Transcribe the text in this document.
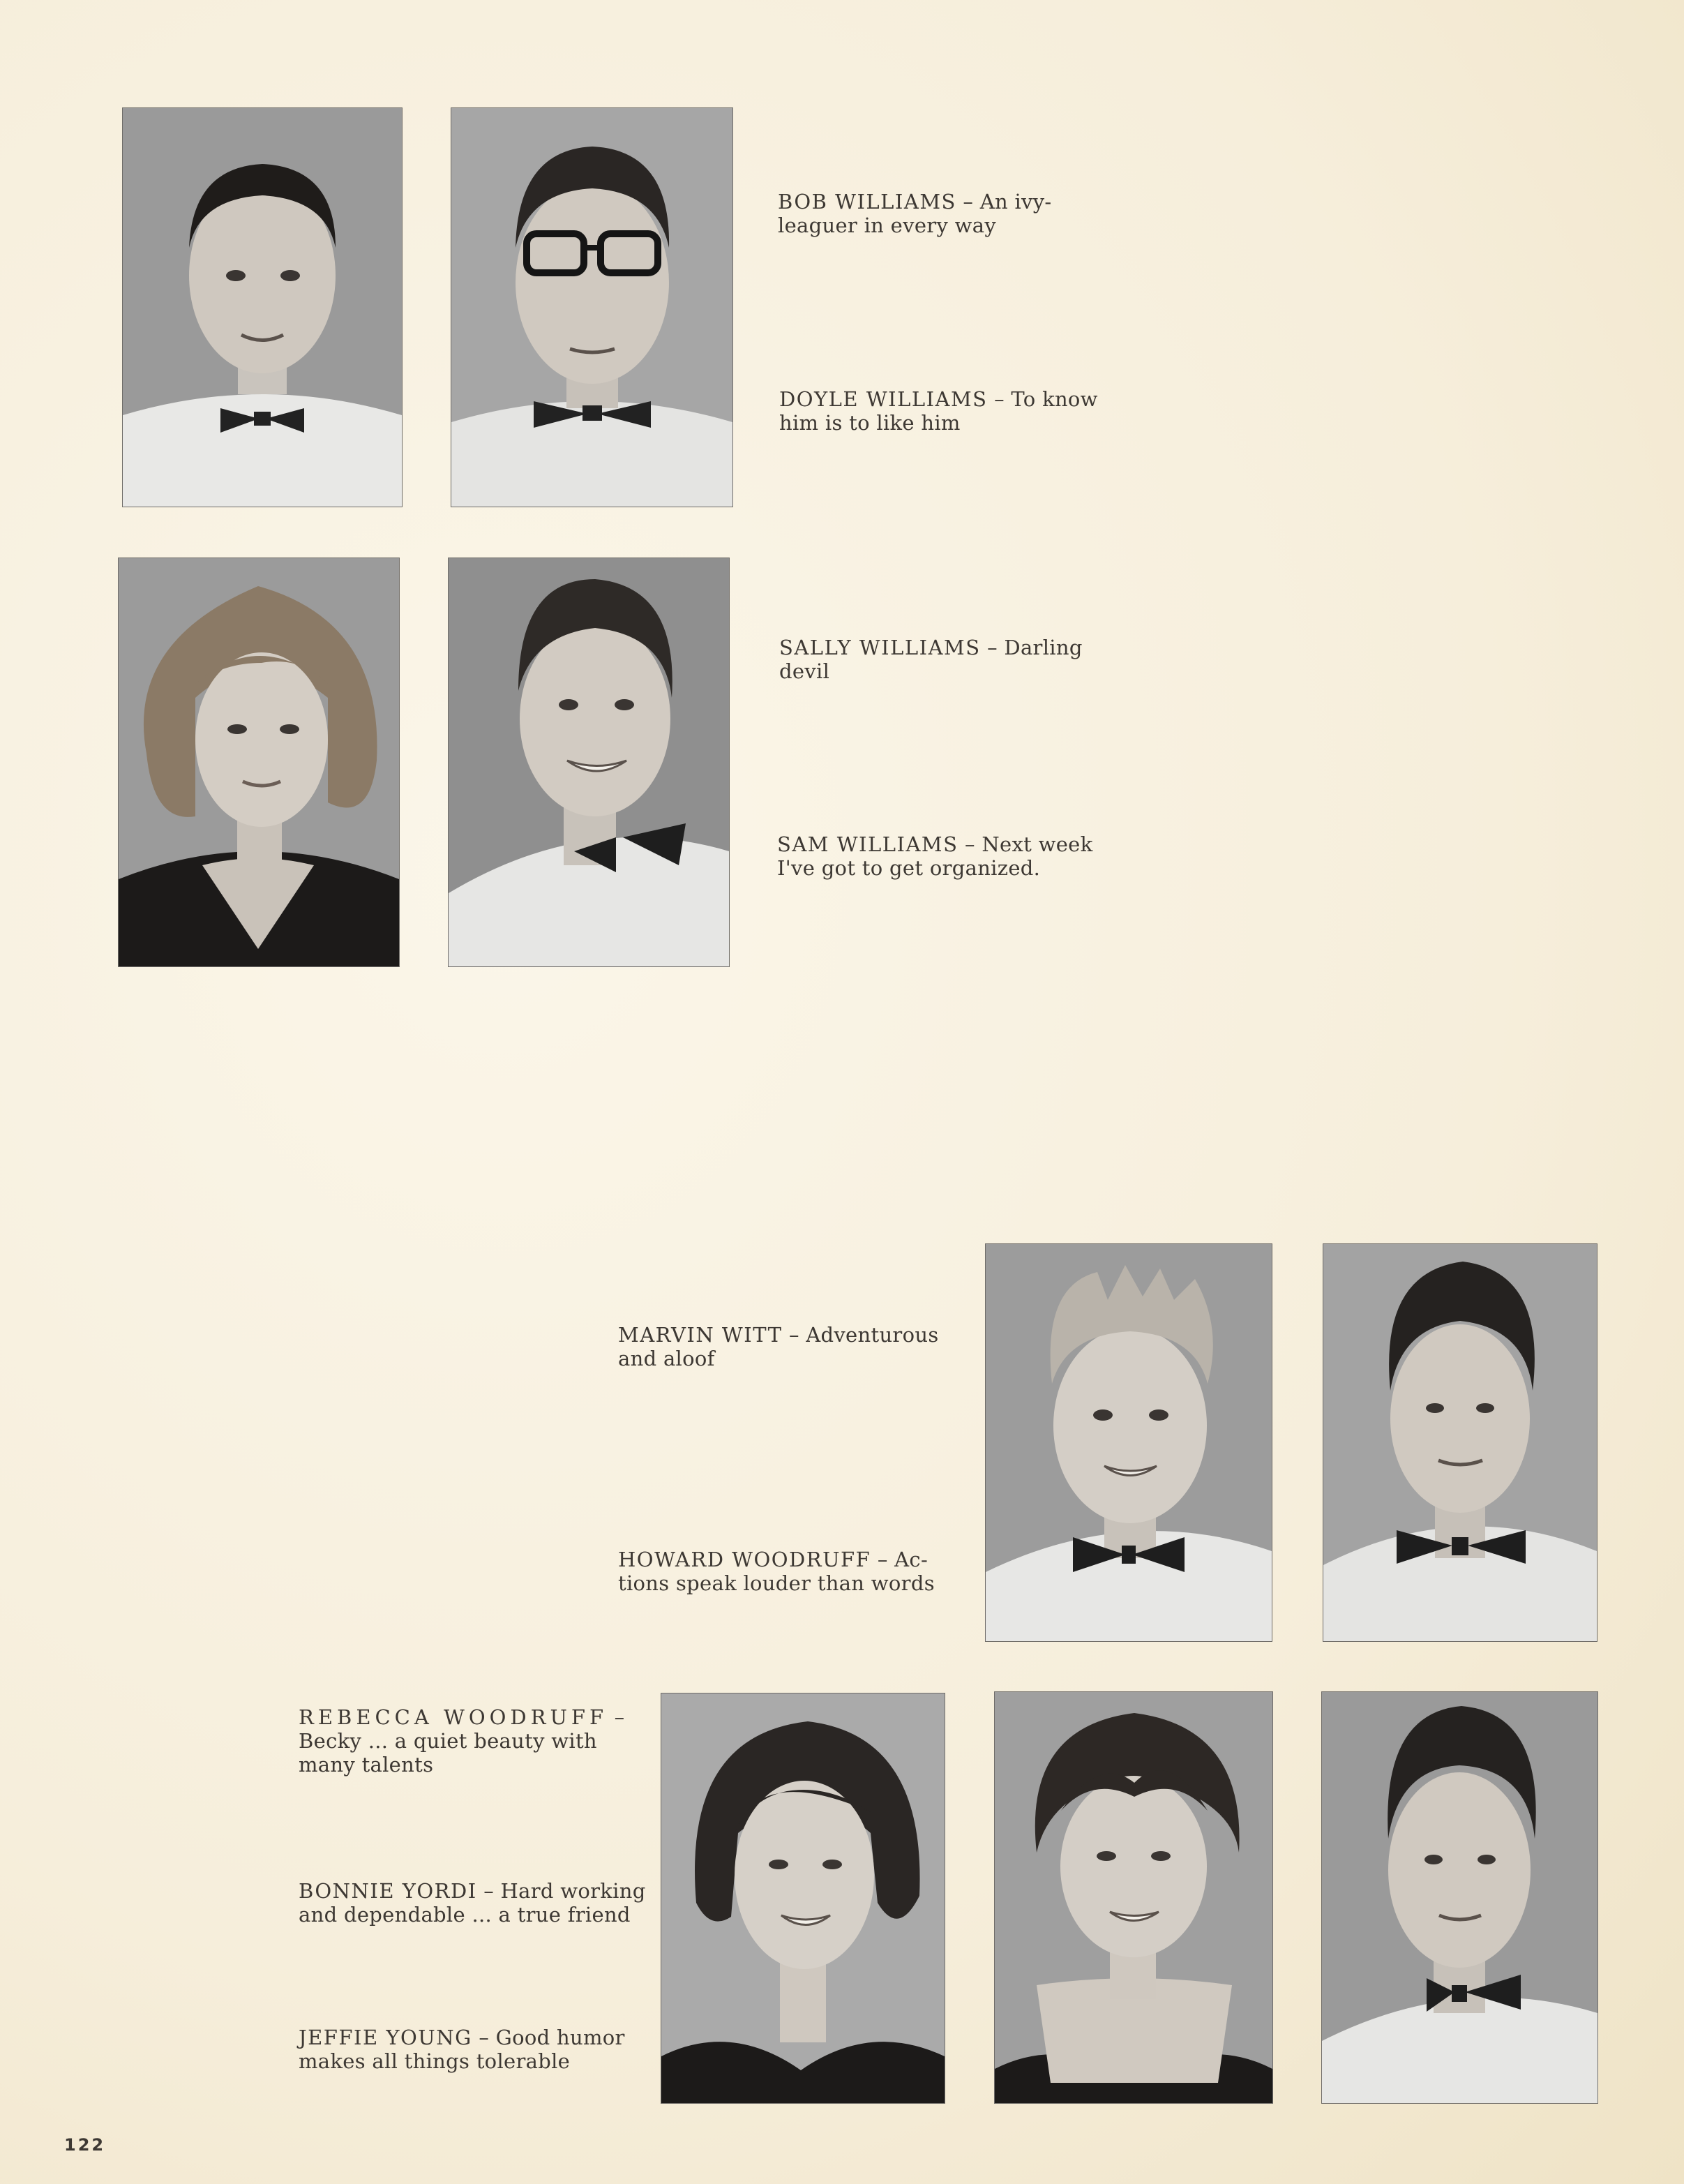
BOB WILLIAMS – An ivy-
leaguer in every way
DOYLE WILLIAMS – To know
him is to like him
SALLY WILLIAMS – Darling
devil
SAM WILLIAMS – Next week
I've got to get organized.
MARVIN WITT – Adventurous
and aloof
HOWARD WOODRUFF – Ac-
tions speak louder than words
REBECCA WOODRUFF –
Becky ... a quiet beauty with
many talents
BONNIE YORDI – Hard working
and dependable ... a true friend
JEFFIE YOUNG – Good humor
makes all things tolerable
122
